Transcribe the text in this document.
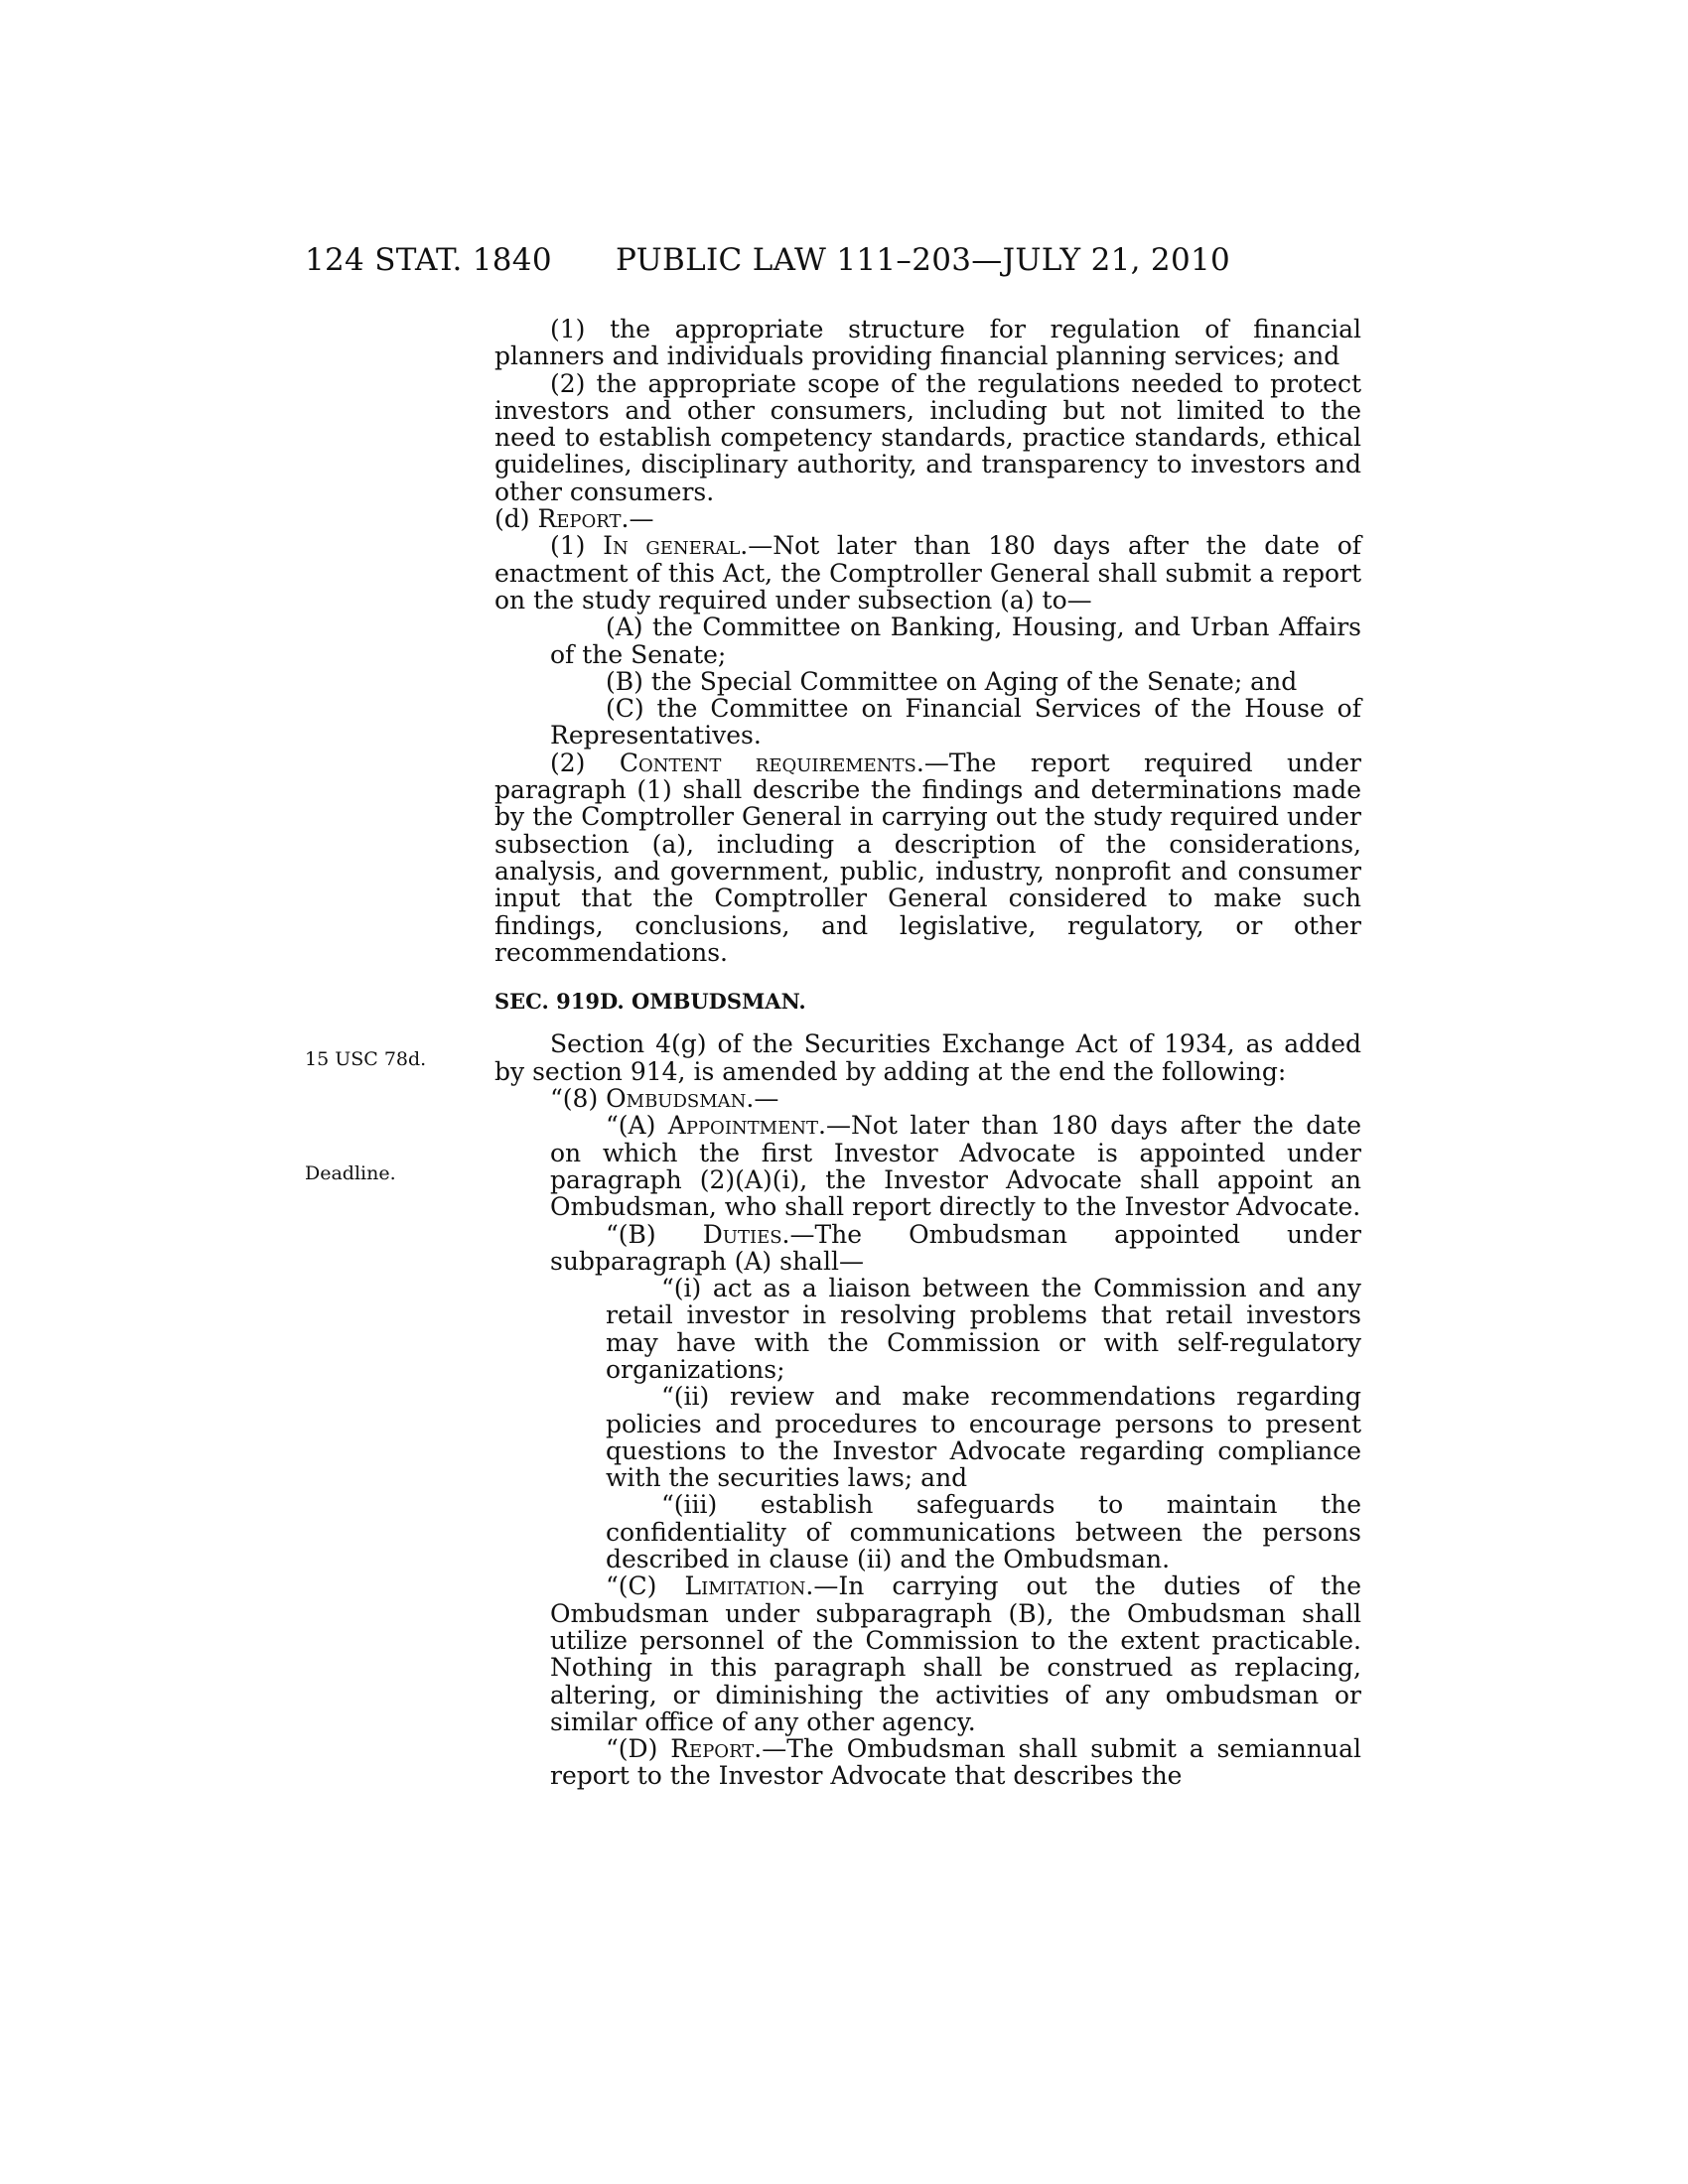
124 STAT. 1840 PUBLIC LAW 111–203—JULY 21, 2010
15 USC 78d.
Deadline.

(1) the appropriate structure for regulation of financial planners and individuals providing financial planning services; and

(2) the appropriate scope of the regulations needed to protect investors and other consumers, including but not limited to the need to establish competency standards, practice standards, ethical guidelines, disciplinary authority, and transparency to investors and other consumers.

(d) Report.—

(1) In general.—Not later than 180 days after the date of enactment of this Act, the Comptroller General shall submit a report on the study required under subsection (a) to—

(A) the Committee on Banking, Housing, and Urban Affairs of the Senate;

(B) the Special Committee on Aging of the Senate; and

(C) the Committee on Financial Services of the House of Representatives.

(2) Content requirements.—The report required under paragraph (1) shall describe the findings and determinations made by the Comptroller General in carrying out the study required under subsection (a), including a description of the considerations, analysis, and government, public, industry, nonprofit and consumer input that the Comptroller General considered to make such findings, conclusions, and legislative, regulatory, or other recommendations.

SEC. 919D. OMBUDSMAN.

Section 4(g) of the Securities Exchange Act of 1934, as added by section 914, is amended by adding at the end the following:

“(8) Ombudsman.—

“(A) Appointment.—Not later than 180 days after the date on which the first Investor Advocate is appointed under paragraph (2)(A)(i), the Investor Advocate shall appoint an Ombudsman, who shall report directly to the Investor Advocate.

“(B) Duties.—The Ombudsman appointed under subparagraph (A) shall—

“(i) act as a liaison between the Commission and any retail investor in resolving problems that retail investors may have with the Commission or with self-regulatory organizations;

“(ii) review and make recommendations regarding policies and procedures to encourage persons to present questions to the Investor Advocate regarding compliance with the securities laws; and

“(iii) establish safeguards to maintain the confidentiality of communications between the persons described in clause (ii) and the Ombudsman.

“(C) Limitation.—In carrying out the duties of the Ombudsman under subparagraph (B), the Ombudsman shall utilize personnel of the Commission to the extent practicable. Nothing in this paragraph shall be construed as replacing, altering, or diminishing the activities of any ombudsman or similar office of any other agency.

“(D) Report.—The Ombudsman shall submit a semiannual report to the Investor Advocate that describes the
